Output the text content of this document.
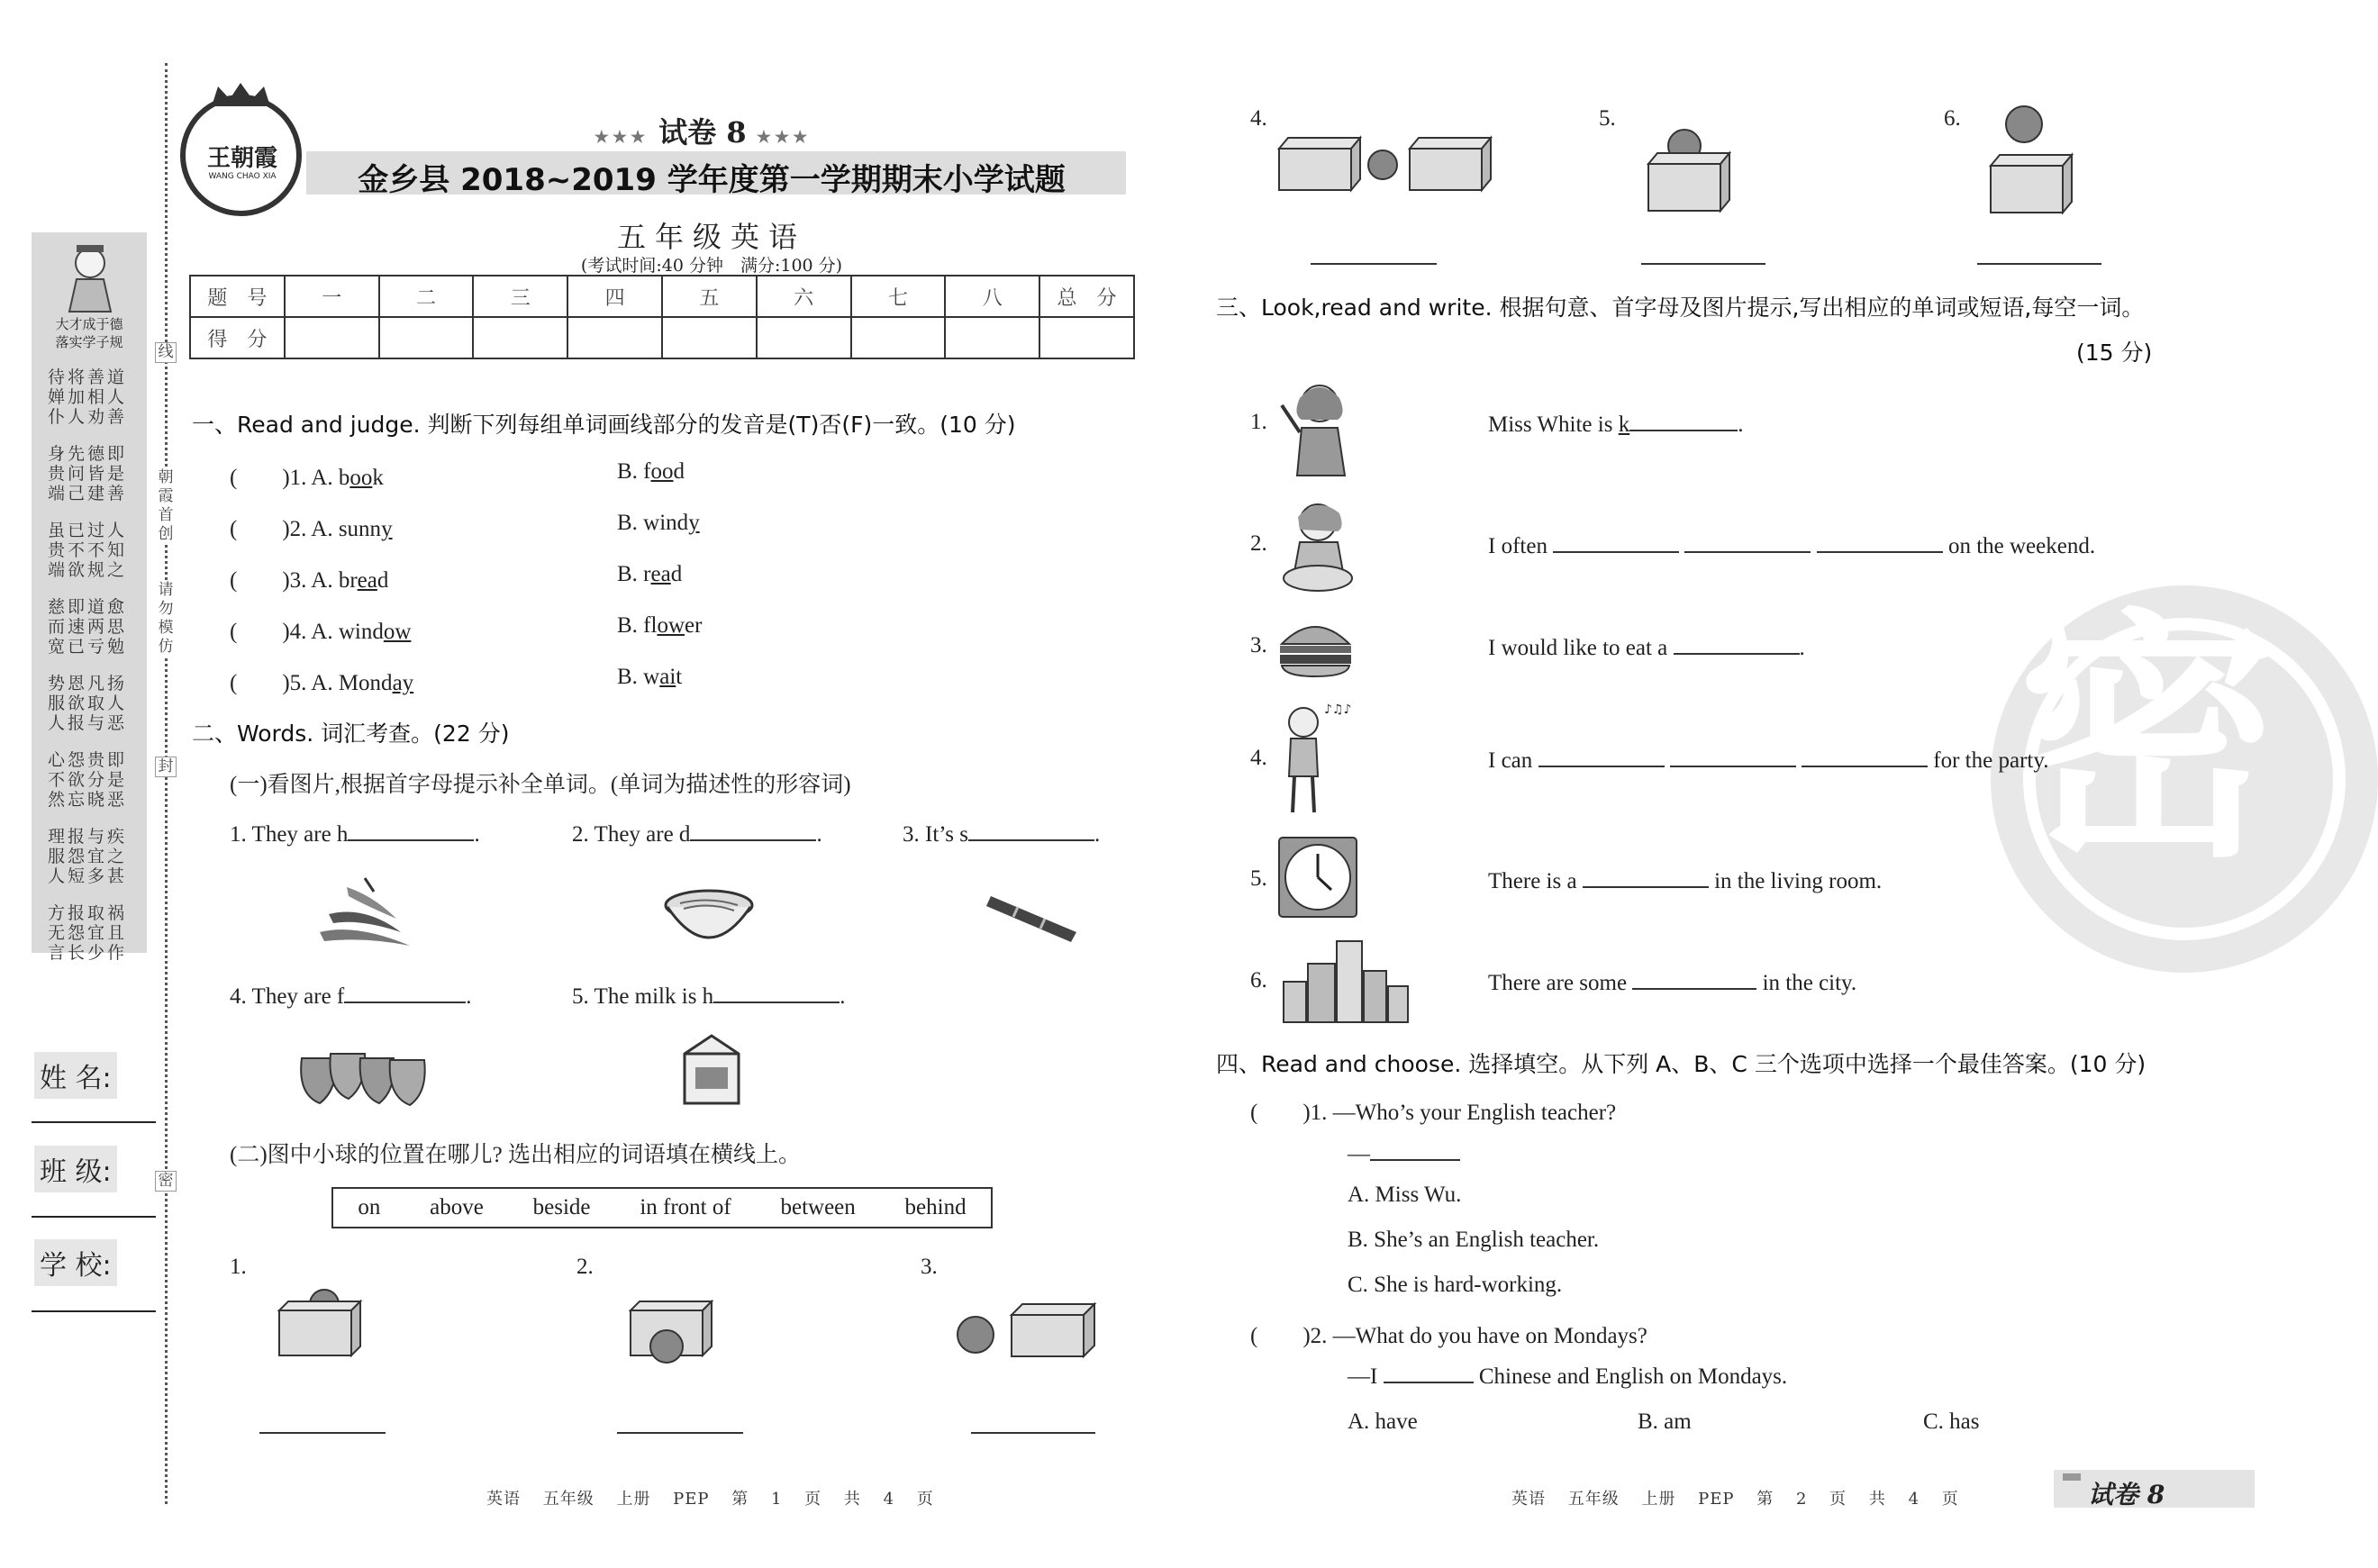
大才成于德
落实学子规
待将善道
婵加相人
仆人劝善
身先德即
贵问皆是
端己建善
虽已过人
贵不不知
端欲规之
慈即道愈
而速两思
宽已亏勉
势恩凡扬
服欲取人
人报与恶
心怨贵即
不欲分是
然忘晓恶
理报与疾
服怨宜之
人短多甚
方报取祸
无怨宜且
言长少作
线
朝霞首创
请勿模仿
封
密
姓 名:
班 级:
学 校:
王朝霞
WANG CHAO XIA
★★★ 试卷 8 ★★★
金乡县 2018~2019 学年度第一学期期末小学试题
五年级英语
(考试时间:40 分钟　满分:100 分)
题　号	一	二	三	四	五	六	七	八	总　分
得　分									
一、Read and judge. 判断下列每组单词画线部分的发音是(T)否(F)一致。(10 分)
(　　)1. A. book	B. food
(　　)2. A. sunny	B. windy
(　　)3. A. bread	B. read
(　　)4. A. window	B. flower
(　　)5. A. Monday	B. wait
二、Words. 词汇考查。(22 分)
(一)看图片,根据首字母提示补全单词。(单词为描述性的形容词)
1. They are h	.	2. They are d	.	3. It’s s	.
4. They are f	.	5. The milk is h	.
(二)图中小球的位置在哪儿? 选出相应的词语填在横线上。
on above beside in front of between behind
1.	2.	3.
英语 五年级 上册 PEP 第 1 页 共 4 页
4.	5.	6.
密
三、Look,read and write. 根据句意、首字母及图片提示,写出相应的单词或短语,每空一词。
(15 分)
1.	Miss White is k	.
2.	I often	on the weekend.
3.	I would like to eat a	.
4.
♪♫♪
I can	for the party.
5.	There is a	in the living room.
6.	There are some	in the city.
四、Read and choose. 选择填空。从下列 A、B、C 三个选项中选择一个最佳答案。(10 分)
(　　)1. —Who’s your English teacher?
—
A. Miss Wu.
B. She’s an English teacher.
C. She is hard-working.
(　　)2. —What do you have on Mondays?
—I	Chinese and English on Mondays.
A. have	B. am	C. has
英语 五年级 上册 PEP 第 2 页 共 4 页	试卷 8
